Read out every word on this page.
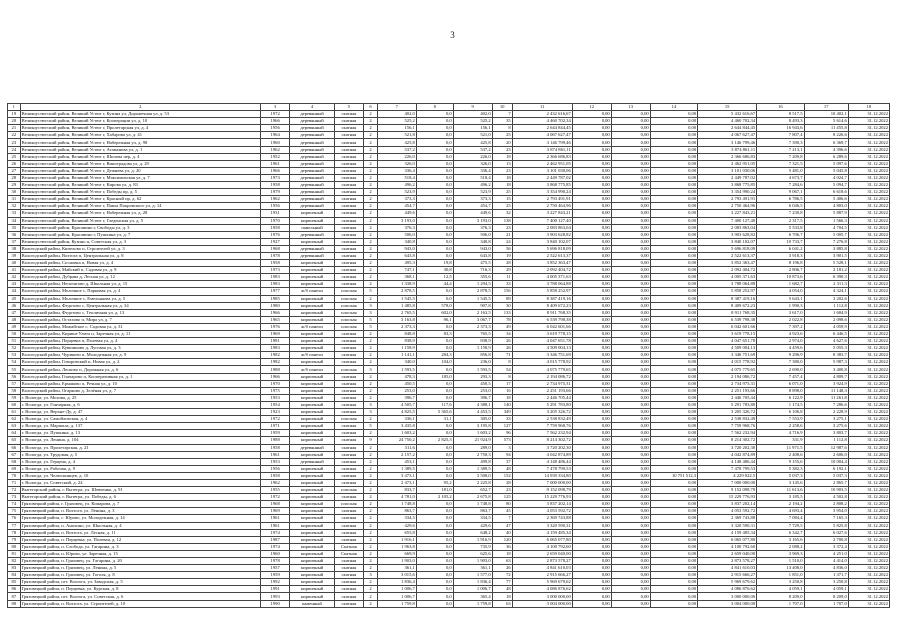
3
1	2	3	4	5	6	7	8	9	10	11	12	13	14	15	16	17	18
19	Великоустюгский район, Великий Устюг г, Кузина ул, Дорожечная ул, д. 53	1972	деревянный	скатная	2	402,0	0,0	402,0	7	2 432 616,67	0,00	0,00	0,00	5 432 616,67	8 517,5	10 402,1	31.12.2022
20	Великоустюгский район, Великий Устюг г, Кооперации ул, д. 10	1966	деревянный	скатная	2	525,2	0,0	525,2	35	4 460 702,34	0,00	0,00	0,00	4 460 702,34	8 493,3	5 614,6	31.12.2022
21	Великоустюгский район, Великий Устюг г, Пролетарская ул, д. 4	1956	деревянный	скатная	2	156,1	0,0	156,1	8	2 644 844,45	0,00	0,00	0,00	2 644 844,45	16 943,6	11 455,8	31.12.2022
22	Великоустюгский район, Великий Устюг г, Хабарова ул, д. 41	1964	деревянный	скатная	2	521,8	0,0	521,0	25	4 067 627,47	0,00	0,00	0,00	4 067 627,47	7 807,4	8 226,6	31.12.2022
23	Великоустюгский район, Великий Устюг г, Набережная ул, д. 98	1960	деревянный	скатная	2	425,8	0,0	425,8	20	3 146 799,46	0,00	0,00	0,00	3 146 799,46	7 390,3	6 369,7	31.12.2022
24	Великоустюгский район, Великий Устюг г, Атаманова ул, д. 1	1962	деревянный	скатная	2	537,2	0,0	537,2	23	3 874 861,11	0,00	0,00	0,00	3 874 861,11	7 213,1	4 396,6	31.12.2022
25	Великоустюгский район, Великий Устюг г, Шилова пер, д. 4	1952	деревянный	скатная	2	226,0	0,0	226,0	18	2 366 686,83	0,00	0,00	0,00	2 366 686,83	7 209,8	6 289,6	31.12.2022
26	Великоустюгский район, Великий Устюг г, Виноградова ул, д. 29	1961	деревянный	скатная	2	326,0	0,0	326,0	13	2 462 951,05	0,00	0,00	0,00	2 462 951,05	7 321,5	5 097,6	31.12.2022
27	Великоустюгский район, Великий Устюг г, Дежнева ул, д. 20	1966	деревянный	скатная	2	336,4	0,0	336,4	23	3 101 030,06	0,00	0,00	0,00	3 101 030,06	5 481,0	5 045,8	31.12.2022
28	Великоустюгский район, Великий Устюг г, Максимовская ул, д. 7	1973	деревянный	скатная	2	518,4	0,0	518,4	18	2 449 787,02	0,00	0,00	0,00	2 449 787,02	4 673,7	4 024,7	31.12.2022
29	Великоустюгский район, Великий Устюг г, Кирова ул, д. 83	1958	деревянный	скатная	2	496,2	0,0	496,2	18	3 868 775,85	0,00	0,00	0,00	3 868 775,85	7 284,6	5 094,7	31.12.2022
30	Великоустюгский район, Великий Устюг г, Победы пр, д. 5	1979	деревянный	скатная	2	523,9	0,0	523,9	25	3 354 990,24	0,00	0,00	0,00	3 354 990,24	9 067,1	6 618,6	31.12.2022
31	Великоустюгский район, Великий Устюг г, Красный пр, д. 62	1962	деревянный	скатная	2	373,3	0,0	373,3	15	2 793 491,91	0,00	0,00	0,00	2 793 491,91	6 786,5	5 406,6	31.12.2022
32	Великоустюгский район, Великий Устюг г, Павла Покровского ул, д. 14	1956	деревянный	скатная	2	454,7	0,0	454,7	25	2 750 464,96	0,00	0,00	0,00	2 750 464,96	6 046,5	4 803,0	31.12.2022
33	Великоустюгский район, Великий Устюг г, Набережная ул, д. 28	1931	кирпичный	скатная	2	449,6	0,0	449,6	32	3 227 843,21	0,00	0,00	0,00	3 227 843,21	7 230,8	5 887,9	31.12.2022
34	Великоустюгский район, Великий Устюг г, Гледенская ул, д. 5	1970	кирпичный	скатная	2	3 193,0	0,0	3 193,0	138	7 400 127,40	0,00	0,00	0,00	7 400 127,40	2 317,5	1 566,3	31.12.2022
35	Великоустюгский район, Красавино г, Свободы ул, д. 3	1958	панельный	скатная	2	376,3	0,0	376,3	23	2 083 863,04	0,00	0,00	0,00	2 083 863,04	5 533,8	4 704,5	31.12.2022
36	Великоустюгский район, Красавино г, Пушкина ул, д. 7	1976	деревянный	скатная	2	506,0	0,0	506,0	21	3 903 628,82	0,00	0,00	0,00	3 903 628,82	6 706,7	5 005,7	31.12.2022
37	Великоустюгский район, Кузино п, Советская ул, д. 3	1927	кирпичный	скатная	2	340,8	0,0	340,8	24	3 840 102,07	0,00	0,00	0,00	3 840 102,07	10 733,7	7 276,8	31.12.2022
38	Вологодский район, Кипелово п, Строителей ул, д. 3	1968	деревянный	скатная	2	943,0	0,0	943,0	56	5 696 818,09	0,00	0,00	0,00	5 696 818,09	6 041,2	3 885,8	31.12.2022
39	Вологодский район, Вохтога п, Центральная ул, д. 8	1978	деревянный	скатная	2	643,8	0,0	643,8	19	2 522 613,37	0,00	0,00	0,00	2 522 613,37	3 918,3	3 901,5	31.12.2022
40	Вологодский район, Сосновка п, Новая ул, д. 4	1958	кирпичный	скатная	2	495,3	19,8	475,5	28	3 852 363,47	0,00	0,00	0,00	3 852 363,47	8 196,8	5 528,1	31.12.2022
41	Вологодский район, Майский п, Садовая ул, д. 9	1973	кирпичный	скатная	2	747,1	30,8	716,3	29	2 092 404,72	0,00	0,00	0,00	2 092 404,72	2 806,7	2 181,2	31.12.2022
42	Вологодский район, Дубрава д, Лесная ул, д. 12	1983	кирпичный	скатная	2	368,1	12,5	355,6	11	4 005 371,63	0,00	0,00	0,00	4 005 371,63	10 873,6	6 390,3	31.12.2022
43	Вологодский район, Непотягово д, Школьная ул, д. 15	1983	кирпичный	скатная	2	1 338,9	44,4	1 294,5	33	3 788 064,88	0,00	0,00	0,00	3 788 064,88	1 682,7	2 311,3	31.12.2022
44	Вологодский район, Молочное с, Парковая ул, д. 4	1977	ж/б панели	плоская	5	2 878,5	0,0	2 878,5	156	5 858 252,97	0,00	0,00	0,00	5 858 252,97	4 054,0	4 324,1	31.12.2022
45	Вологодский район, Молочное с, Емельянова ул, д. 5	1985	кирпичный	плоская	2	1 545,5	0,0	1 545,5	89	8 387 419,16	0,00	0,00	0,00	8 387 419,16	5 643,1	3 202,6	31.12.2022
46	Вологодский район, Федотово с, Центральная ул, д. 34	1980	кирпичный	плоская	3	1 485,8	578,0	907,8	30	8 409 672,23	0,00	0,00	0,00	8 409 672,23	1 990,3	1 112,8	31.12.2022
47	Вологодский район, Федотово с, Тепличная ул, д. 13	1966	кирпичный	плоская	3	2 765,5	602,0	2 163,5	133	8 911 768,35	0,00	0,00	0,00	8 911 768,35	3 617,0	1 684,9	31.12.2022
48	Вологодский район, Остахово п, Мира ул, д. 7	1965	кирпичный	плоская	5	3 163,8	96,1	3 067,7	78	6 539 798,38	0,00	0,00	0,00	6 539 798,38	2 022,8	2 098,6	31.12.2022
49	Вологодский район, Можайское с, Садовая ул, д. 31	1976	ж/б панели	плоская	5	2 373,3	0,0	2 373,3	49	6 042 601,66	0,00	0,00	0,00	6 042 601,66	7 397,2	4 059,9	31.12.2022
50	Вологодский район, Кирики-Улита п, Заречная ул, д. 11	1969	кирпичный	скатная	2	848,8	83,3	765,5	34	3 619 778,15	0,00	0,00	0,00	3 619 778,15	4 923,6	6 446,5	31.12.2022
51	Вологодский район, Перцевка п, Полевая ул, д. 4	1981	кирпичный	скатная	2	838,9	0,0	838,9	26	4 047 651,78	0,00	0,00	0,00	4 047 651,78	2 974,0	4 627,6	31.12.2022
52	Вологодский район, Кувшиново д, Луговая ул, д. 3	1983	кирпичный	скатная	2	1 158,9	0,0	1 158,9	26	4 509 004,13	0,00	0,00	0,00	4 509 004,13	4 459,6	5 055,3	31.12.2022
53	Вологодский район, Чуриково п, Молодежная ул, д. 9	1982	ж/б панели	скатная	2	1 141,1	284,3	856,8	71	3 346 751,69	0,00	0,00	0,00	3 346 751,69	9 296,9	8 383,7	31.12.2022
54	Вологодский район, Говоровский п, Новая ул, д. 2	1982	кирпичный	скатная	2	340,0	104,0	236,0	8	4 015 778,92	0,00	0,00	0,00	4 015 778,92	7 380,0	5 987,3	31.12.2022
55	Вологодский район, Лесково п, Дорожная ул, д. 6	1988	ж/б панели	плоская	3	1 593,5	0,0	1 593,5	54	4 075 779,65	0,00	0,00	0,00	4 075 779,65	2 690,0	3 400,8	31.12.2022
56	Вологодский район, Гончарово п, Кооперативная ул, д. 1	1966	кирпичный	скатная	2	478,3	185,0	293,3	8	2 194 086,72	0,00	0,00	0,00	2 194 086,72	7 457,4	4 809,7	31.12.2022
57	Вологодский район, Ермаково п, Речная ул, д. 10	1970	кирпичный	скатная	2	450,5	0,0	450,5	17	2 734 975,31	0,00	0,00	0,00	2 734 975,31	6 071,0	3 924,9	31.12.2022
58	Вологодский район, Огарково д, Зелёная ул, д. 7	1975	кирпичный	скатная	2	253,0	0,0	253,0	16	2 251 193,66	0,00	0,00	0,00	2 251 193,66	8 898,0	11 148,3	31.12.2022
59	г. Вологда, ул. Мохова, д. 25	1953	кирпичный	скатная	2	396,7	0,0	396,7	18	2 446 705,44	0,00	0,00	0,00	2 446 705,44	6 122,9	11 261,8	31.12.2022
60	г. Вологда, ул. Гончарная, д. 6	1954	кирпичный	скатная	3	4 505,7	117,6	4 388,1	140	5 291 783,80	0,00	0,00	0,00	5 291 783,80	1 174,5	7 286,6	31.12.2022
61	г. Вологда, ул. Верхне-Ду, д. 47	1923	кирпичный	скатная	3	4 825,5	5 365,6	4 453,5	349	3 205 326,72	0,00	0,00	0,00	3 205 326,72	6 106,8	2 228,9	31.12.2022
62	г. Вологда, ул. Самойловская, д. 4	1972	кирпичный	плоская	2	336,1	31,1	305,0	33	2 538 832,49	0,00	0,00	0,00	2 538 832,49	7 553,9	3 275,1	31.12.2022
63	г. Вологда, ул. Маршала, д. 137	1971	кирпичный	скатная	5	3 435,8	0,0	3 195,8	127	7 759 968,76	0,00	0,00	0,00	7 759 968,76	2 258,6	3 275,6	31.12.2022
64	г. Вологда, ул. Пушкина, д. 13	1959	кирпичный	скатная	2	1 603,2	0,0	1 603,2	96	7 562 232,94	0,00	0,00	0,00	7 562 232,94	4 716,9	3 803,7	31.12.2022
65	г. Вологда, ул. Ленина, д. 104	1988	кирпичный	скатная	9	24 750,2	2 825,3	21 924,9	573	8 214 302,72	0,00	0,00	0,00	8 214 302,72	331,9	1 112,8	31.12.2022
66	г. Вологда, ул. Пролетарская, д. 21	1958	деревянный	скатная	2	311,6	0,0	289,0	3	3 720 202,30	0,00	0,00	0,00	3 720 202,30	11 971,5	12 987,6	31.12.2022
67	г. Вологда, ул. Трудовая, д. 5	1961	кирпичный	скатная	2	2 157,2	0,0	2 750,3	94	4 042 874,89	0,00	0,00	0,00	4 042 874,89	2 408,6	2 606,0	31.12.2022
68	г. Вологда, ул. Герцена, д. 4	1953	деревянный	скатная	2	453,1	0,0	499,8	37	4 148 486,44	0,00	0,00	0,00	4 148 486,44	9 155,6	10 004,4	31.12.2022
69	г. Вологда, ул. Рабочая, д. 9	1956	кирпичный	скатная	2	1 389,5	0,0	1 389,5	48	7 478 799,53	0,00	0,00	0,00	7 478 799,53	5 382,3	6 192,1	31.12.2022
70	г. Вологда, ул. Челюскинцев, д. 10	1958	кирпичный	скатная	2	3 473,1	0,0	3 508,0	152	14 939 334,80	0,00	0,00	10 751 512,3	4 229 022,5	5 037,3	5 037,3	31.12.2022
71	г. Вологда, ул. Советский, д. 24	1962	кирпичный	скатная	2	2 473,1	95,2	2 225,8	28	7 000 000,00	0,00	0,00	0,00	7 000 000,00	3 145,6	2 865,7	31.12.2022
72	Вытегорский район, г. Вытегра, ул. Шевченко, д. 91	1955	кирпичный	плоская	2	833,7	181,0	652,7	23	9 152 098,79	0,00	0,00	0,00	9 152 098,79	11 613,6	10 903,5	31.12.2022
73	Вытегорский район, г. Вытегра, ул. Победы, д. 6	1972	кирпичный	скатная	2	4 781,0	2 105,2	2 675,8	125	15 229 776,93	0,00	0,00	0,00	15 229 776,93	3 185,5	4 502,8	31.12.2022
74	Грязовецкий район, г. Грязовец, ул. Комарова, д. 7	1968	кирпичный	плоская	2	1 748,8	0,0	1 748,8	80	3 837 202,14	0,00	0,00	0,00	3 837 202,14	2 194,2	2 808,2	31.12.2022
75	Грязовецкий район, п. Вохтога, ул. Ленина, д. 3	1969	кирпичный	скатная	2	863,7	0,0	863,7	45	4 053 592,72	0,00	0,00	0,00	4 053 592,72	4 693,4	3 954,0	31.12.2022
76	Грязовецкий район, с. Юрово, ул. Молодежная, д. 14	1961	кирпичный	скатная	2	334,5	0,0	334,5	7	2 369 743,88	0,00	0,00	0,00	2 369 743,88	7 084,4	7 165,3	31.12.2022
77	Грязовецкий район, п. Анохино, ул. Школьная, д. 4	1961	кирпичный	скатная	2	429,6	0,0	429,6	47	3 320 590,31	0,00	0,00	0,00	3 320 590,31	7 729,5	5 825,8	31.12.2022
78	Грязовецкий район, п. Вохтога, ул. Лесная, д. 11	1974	кирпичный	скатная	2	655,8	0,0	648,2	40	4 159 485,34	0,00	0,00	0,00	4 159 485,34	6 342,7	6 027,6	31.12.2022
79	Грязовецкий район, п. Перцевка, ул. Полевая, д. 12	1987	кирпичный	скатная	2	1 916,1	0,0	1 916,9	120	6 065 077,80	0,00	0,00	0,00	6 065 077,80	3 165,6	2 700,8	31.12.2022
80	Грязовецкий район, п. Слобода, ул. Гагарина, д. 3	1974	кирпичный	Скатная	2	1 963,8	0,0	735,9	36	4 100 792,60	0,00	0,00	0,00	4 100 792,60	2 088,2	3 372,4	31.12.2022
81	Грязовецкий район, п. Юрово, ул. Заречная, д. 15	1960	кирпичный	Скатная	2	669,9	0,0	625,6	18	2 659 040,00	0,00	0,00	0,00	2 659 040,00	3 969,3	4 251,0	31.12.2022
82	Грязовецкий район, п. Грязовец, ул. Гагарина, д. 20	1978	кирпичный	скатная	2	1 903,0	0,0	1 903,0	63	2 873 578,27	0,00	0,00	0,00	2 873 578,27	1 510,0	4 414,0	31.12.2022
83	Грязовецкий район, п. Грязовец, ул. Ленина, д. 5	1957	кирпичный	скатная	2	361,1	0,0	361,1	26	4 841 610,03	0,00	0,00	0,00	4 841 610,03	13 408,0	4 836,0	31.12.2022
84	Грязовецкий район, п. Грязовец, ул. Гоголя, д. 8	1959	кирпичный	скатная	3	3 015,6	0,0	1 577,0	72	2 915 666,27	0,00	0,00	0,00	2 915 666,27	1 851,0	1 371,7	31.12.2022
85	Грязовецкий район, пгт. Вохтога, ул. Заводская, д. 5	1992	кирпичный	скатная	2	1 836,4	0,0	1 836,4	77	5 969 679,62	0,00	0,00	0,00	5 969 679,62	3 250,8	3 250,8	31.12.2022
86	Грязовецкий район, п. Перцевка, ул. Курская, д. 8	1991	кирпичный	скатная	2	1 006,7	0,0	1 006,7	48	4 086 876,62	0,00	0,00	0,00	4 086 876,62	4 059,1	4 059,1	31.12.2022
87	Грязовецкий район, пгт. Вохтога, ул. Советская, д. 6	1993	кирпичный	скатная	2	1 006,7	0,0	365,4	18	3 000 000,00	0,00	0,00	0,00	3 000 000,00	8 209,0	8 209,0	31.12.2022
88	Грязовецкий район, п. Вохтога, ул. Строителей, д. 10	1990	каменный	скатная	2	1 759,8	0,0	1 759,8	63	3 004 000,00	0,00	0,00	0,00	3 004 000,00	1 707,0	1 707,0	31.12.2022
